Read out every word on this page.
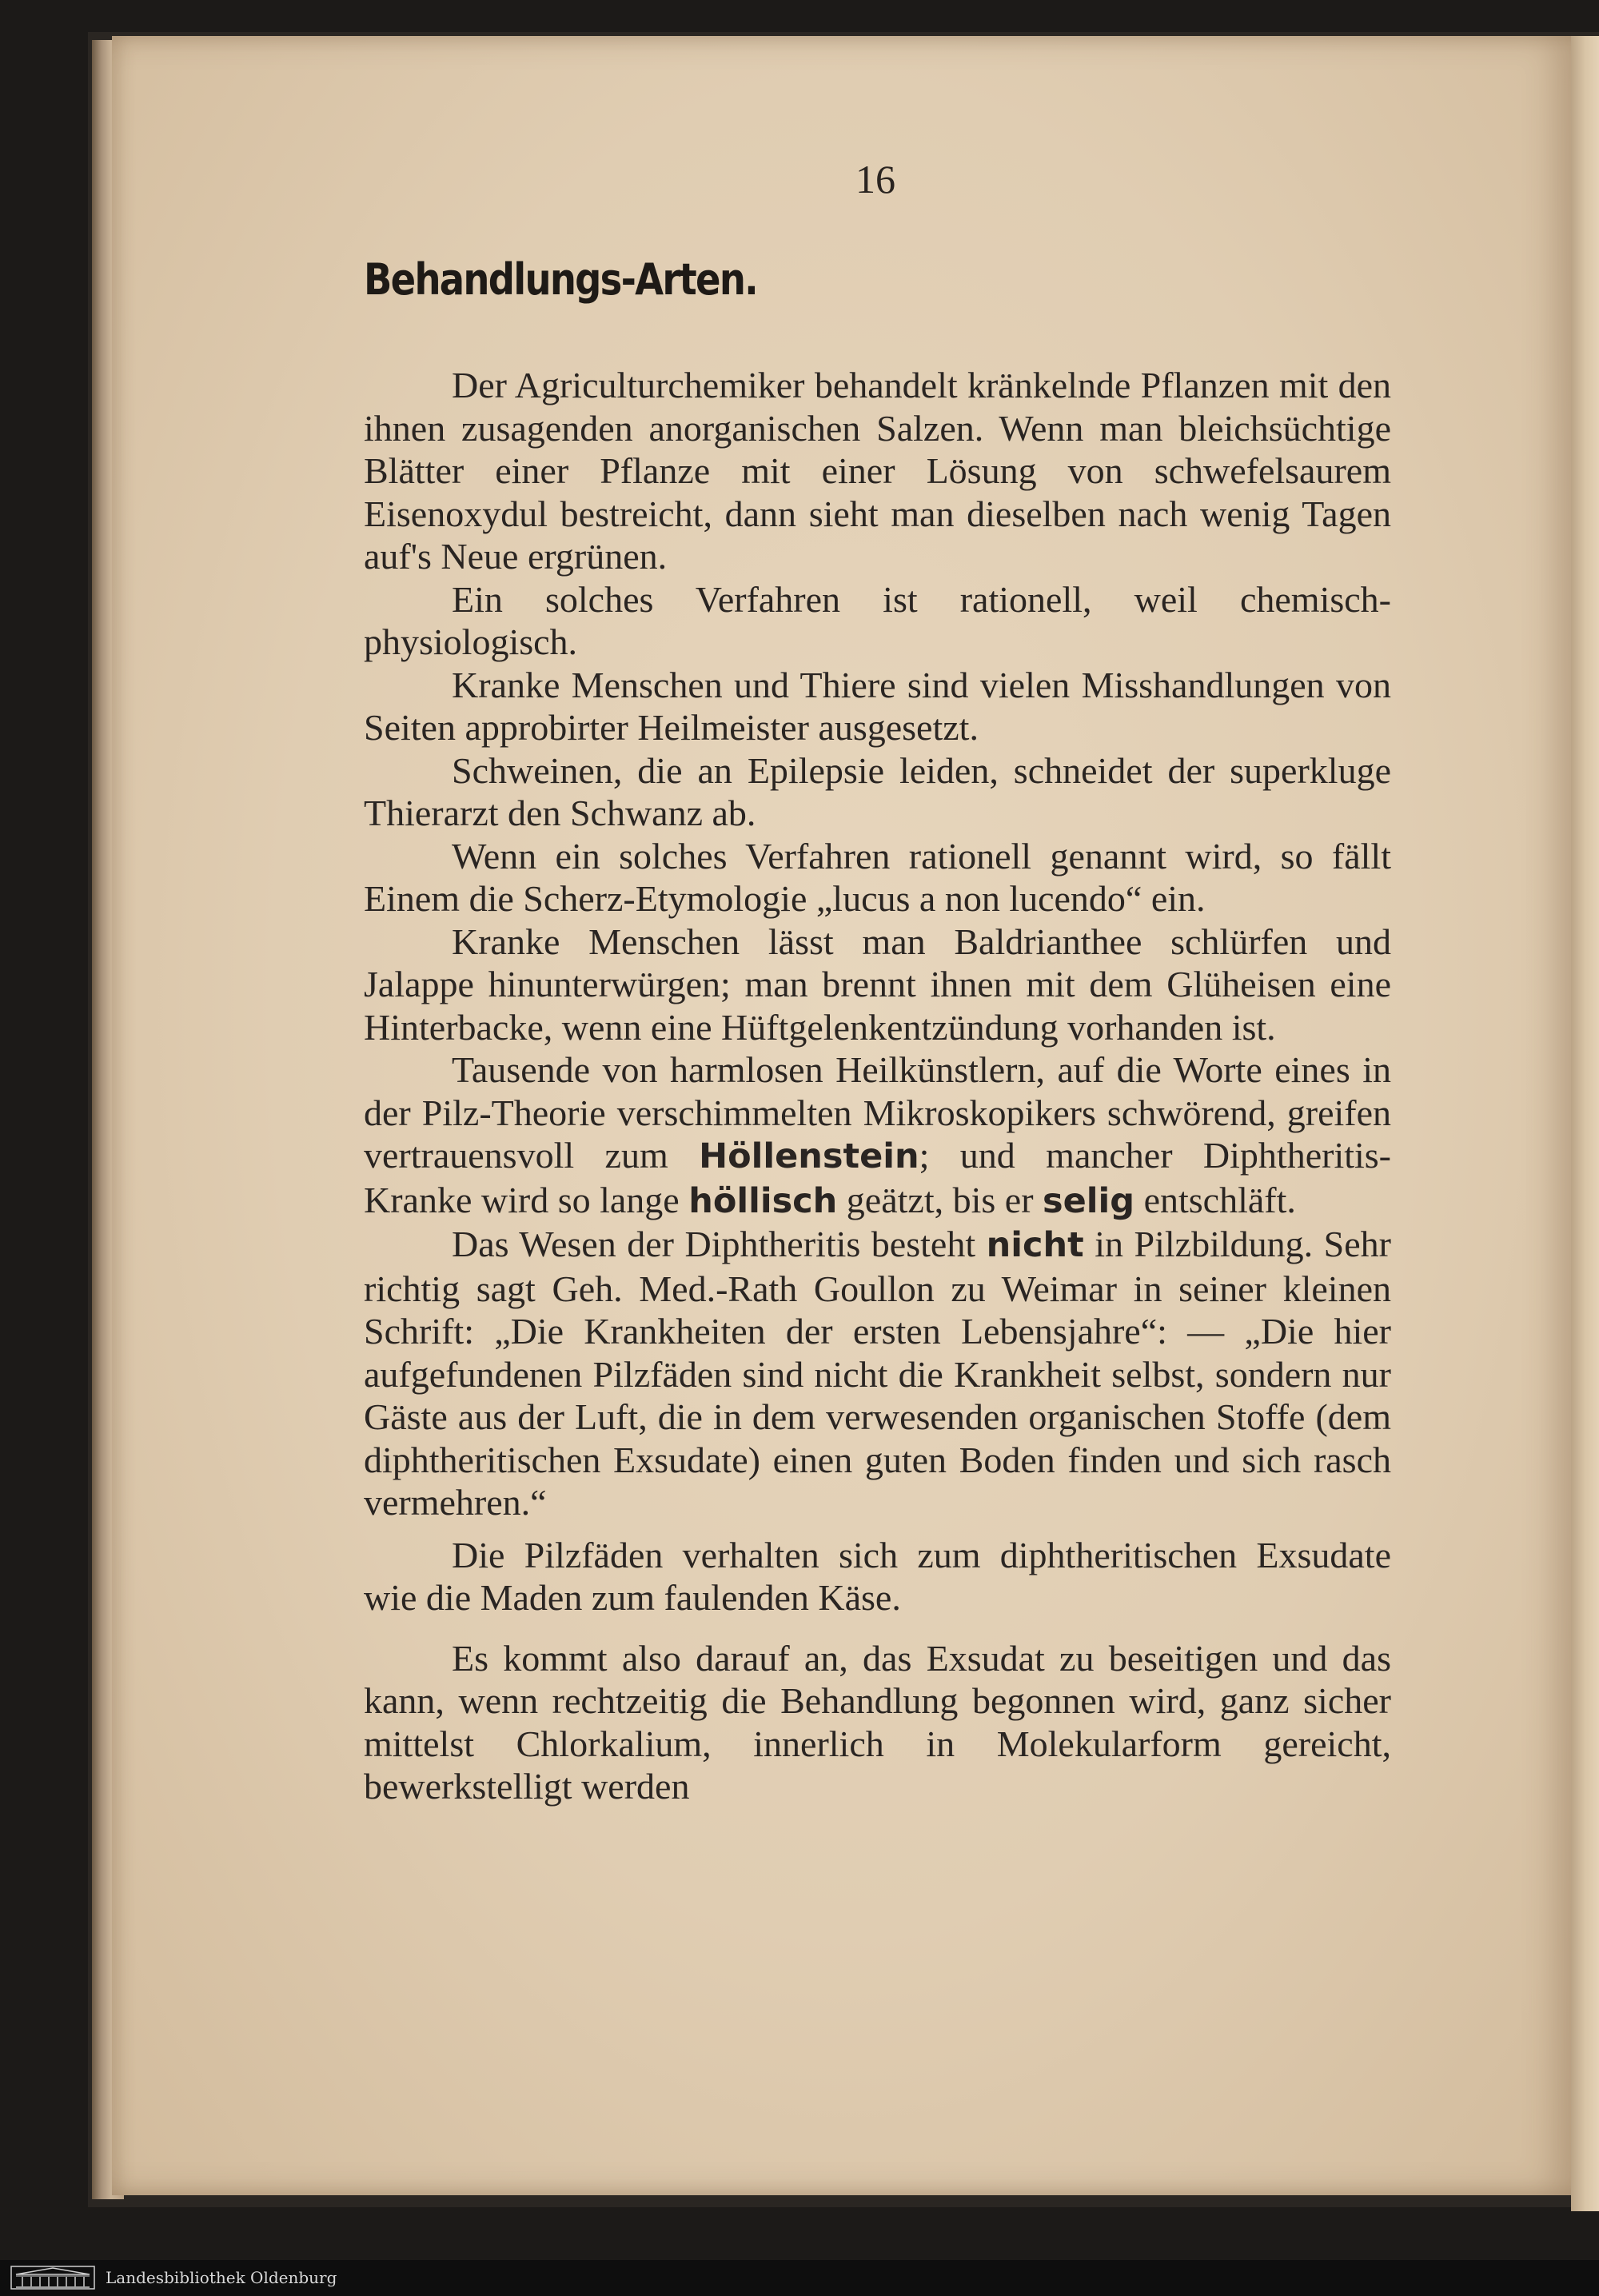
16
Behandlungs-Arten.

Der Agriculturchemiker behandelt kränkelnde Pflanzen mit den ihnen zusagenden anorganischen Salzen. Wenn man bleichsüchtige Blätter einer Pflanze mit einer Lösung von schwefelsaurem Eisenoxydul bestreicht, dann sieht man dieselben nach wenig Tagen auf's Neue ergrünen.

Ein solches Verfahren ist rationell, weil chemisch-physiologisch.

Kranke Menschen und Thiere sind vielen Misshandlungen von Seiten approbirter Heilmeister ausgesetzt.

Schweinen, die an Epilepsie leiden, schneidet der superkluge Thierarzt den Schwanz ab.

Wenn ein solches Verfahren rationell genannt wird, so fällt Einem die Scherz-Etymologie „lucus a non lucendo“ ein.

Kranke Menschen lässt man Baldrianthee schlürfen und Jalappe hinunterwürgen; man brennt ihnen mit dem Glüheisen eine Hinterbacke, wenn eine Hüftgelenkentzündung vorhanden ist.

Tausende von harmlosen Heilkünstlern, auf die Worte eines in der Pilz-Theorie verschimmelten Mikroskopikers schwörend, greifen vertrauensvoll zum Höllenstein; und mancher Diphtheritis-Kranke wird so lange höllisch geätzt, bis er selig entschläft.

Das Wesen der Diphtheritis besteht nicht in Pilzbildung. Sehr richtig sagt Geh. Med.-Rath Goullon zu Weimar in seiner kleinen Schrift: „Die Krankheiten der ersten Lebensjahre“: — „Die hier aufgefundenen Pilzfäden sind nicht die Krankheit selbst, sondern nur Gäste aus der Luft, die in dem verwesenden organischen Stoffe (dem diphtheritischen Exsudate) einen guten Boden finden und sich rasch vermehren.“

Die Pilzfäden verhalten sich zum diphtheritischen Exsudate wie die Maden zum faulenden Käse.

Es kommt also darauf an, das Exsudat zu beseitigen und das kann, wenn rechtzeitig die Behandlung begonnen wird, ganz sicher mittelst Chlorkalium, innerlich in Molekularform gereicht, bewerkstelligt werden

Landesbibliothek Oldenburg
